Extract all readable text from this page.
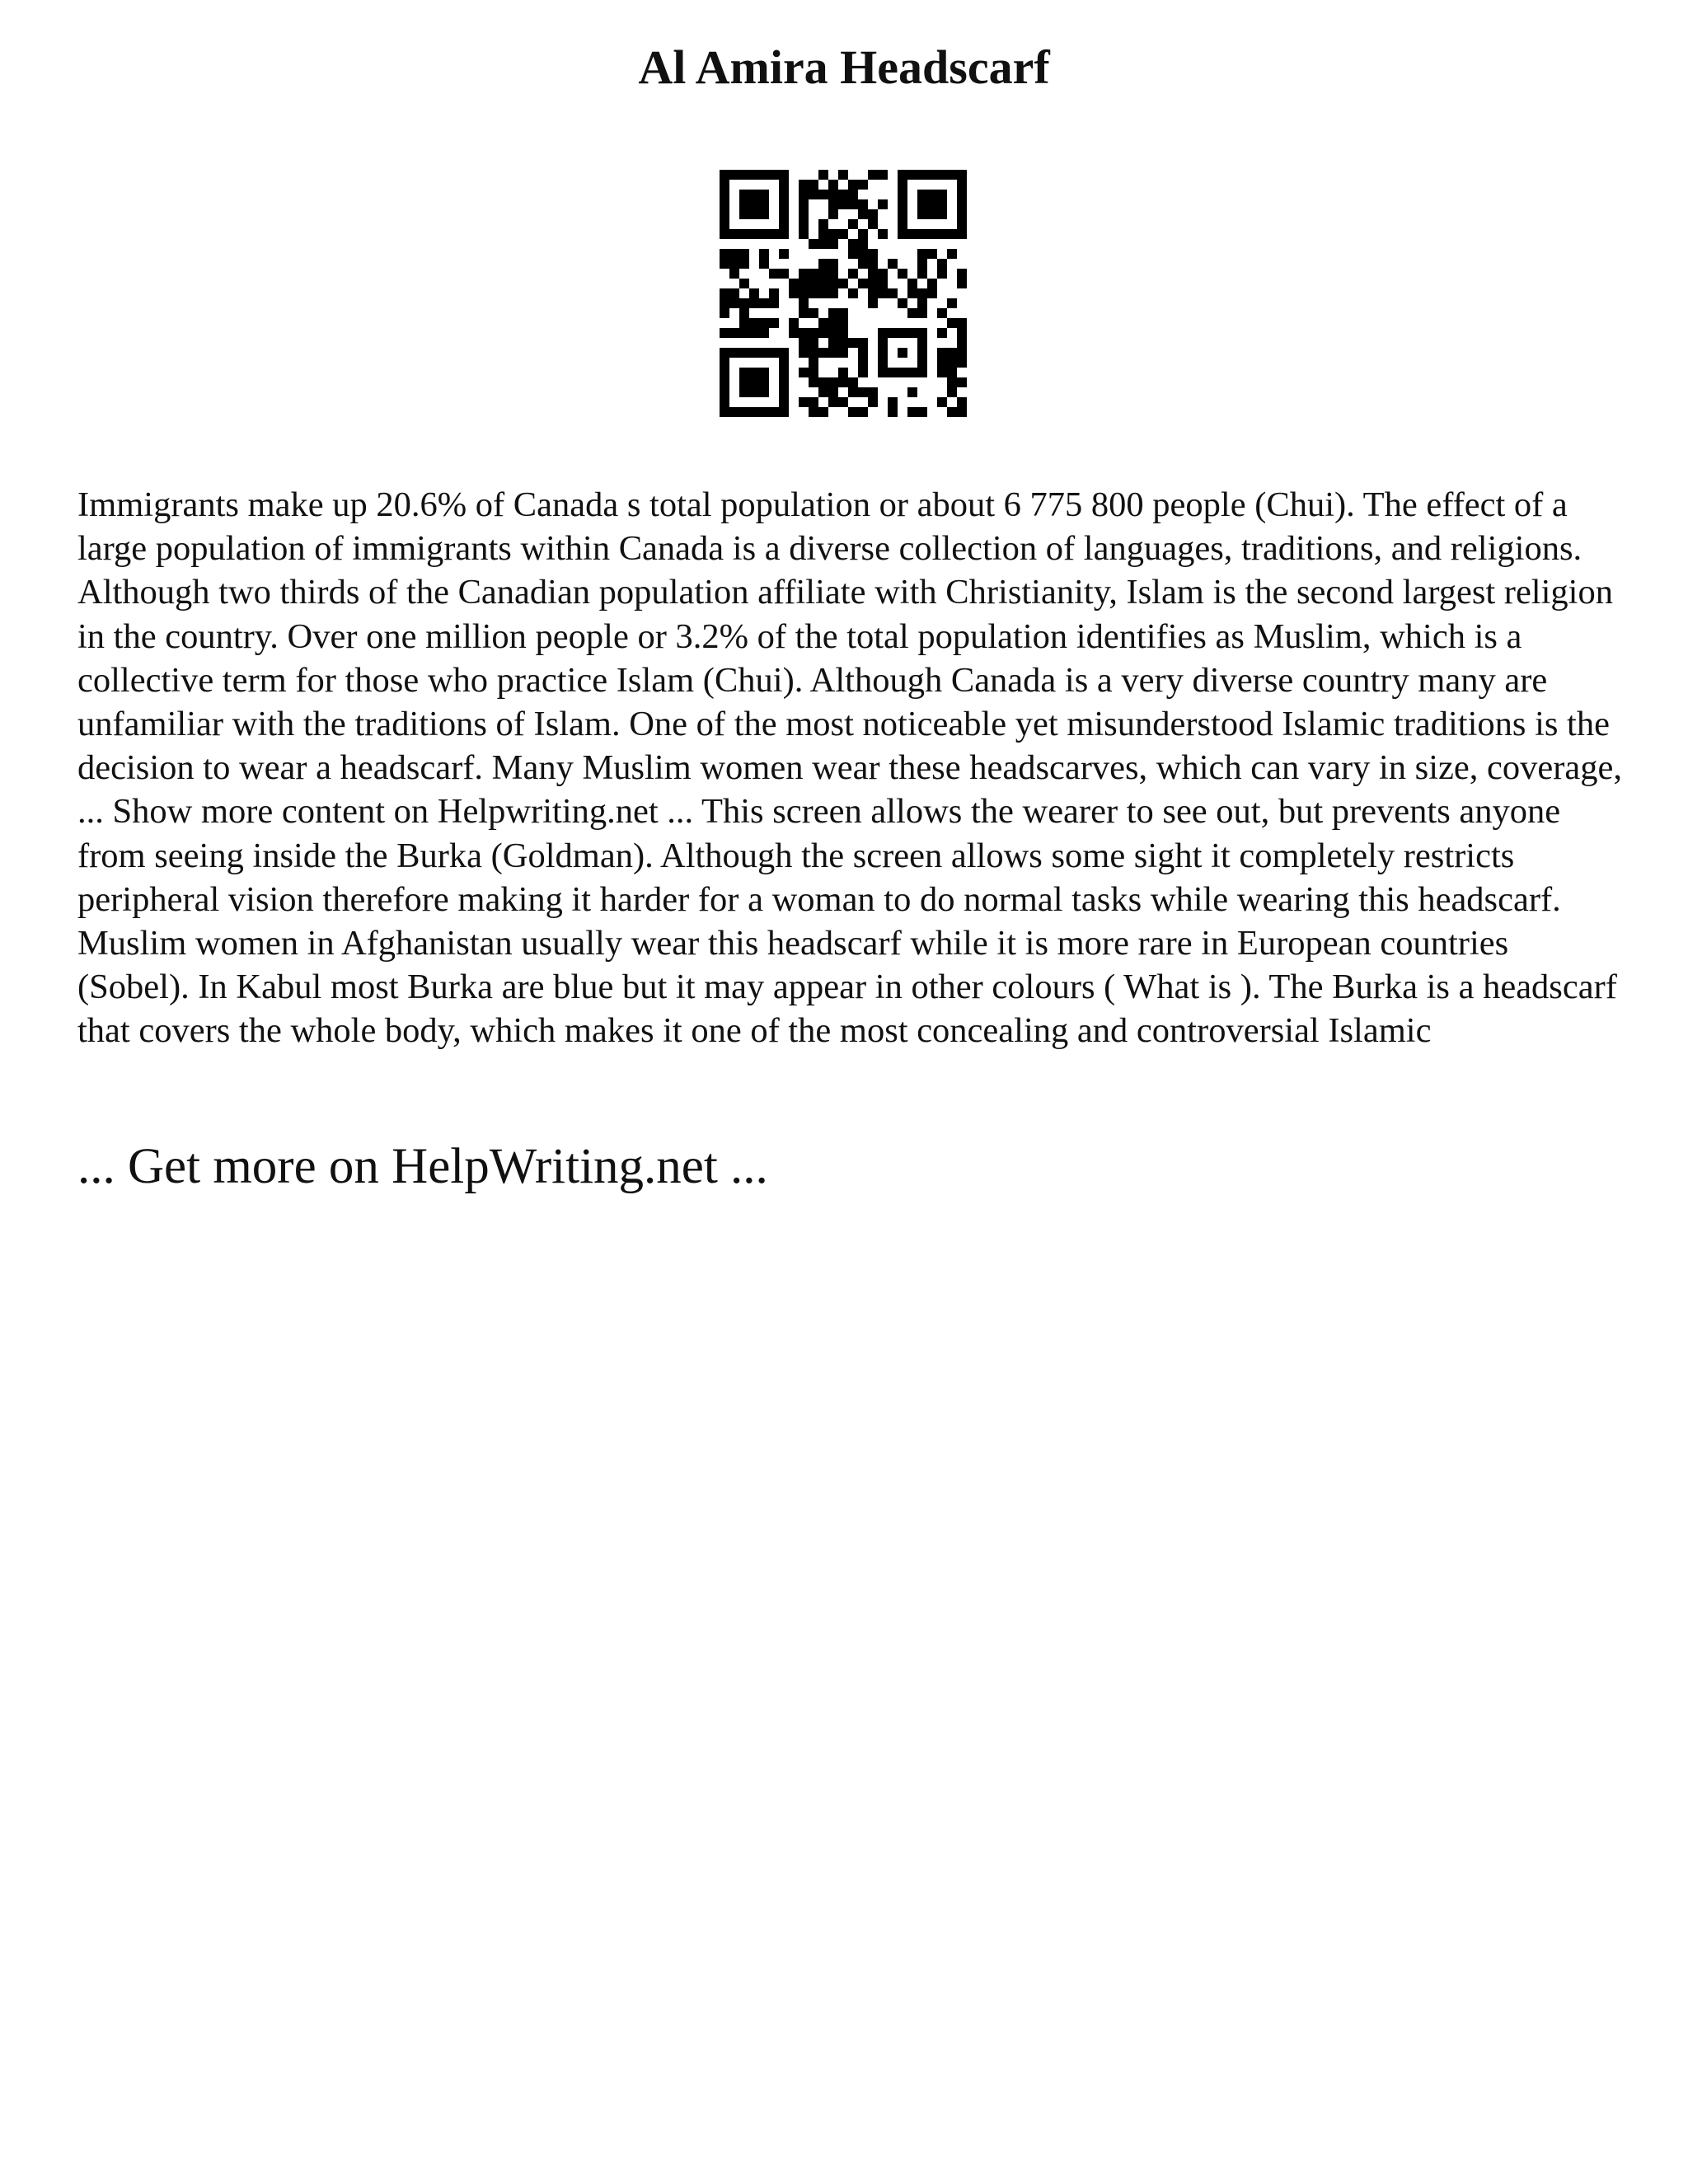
Al Amira Headscarf

Immigrants make up 20.6% of Canada s total population or about 6 775 800 people (Chui). The effect of a large population of immigrants within Canada is a diverse collection of languages, traditions, and religions. Although two thirds of the Canadian population affiliate with Christianity, Islam is the second largest religion in the country. Over one million people or 3.2% of the total population identifies as Muslim, which is a collective term for those who practice Islam (Chui). Although Canada is a very diverse country many are unfamiliar with the traditions of Islam. One of the most noticeable yet misunderstood Islamic traditions is the decision to wear a headscarf. Many Muslim women wear these headscarves, which can vary in size, coverage, ... Show more content on Helpwriting.net ... This screen allows the wearer to see out, but prevents anyone from seeing inside the Burka (Goldman). Although the screen allows some sight it completely restricts peripheral vision therefore making it harder for a woman to do normal tasks while wearing this headscarf. Muslim women in Afghanistan usually wear this headscarf while it is more rare in European countries (Sobel). In Kabul most Burka are blue but it may appear in other colours ( What is ). The Burka is a headscarf that covers the whole body, which makes it one of the most concealing and controversial Islamic

... Get more on HelpWriting.net ...
